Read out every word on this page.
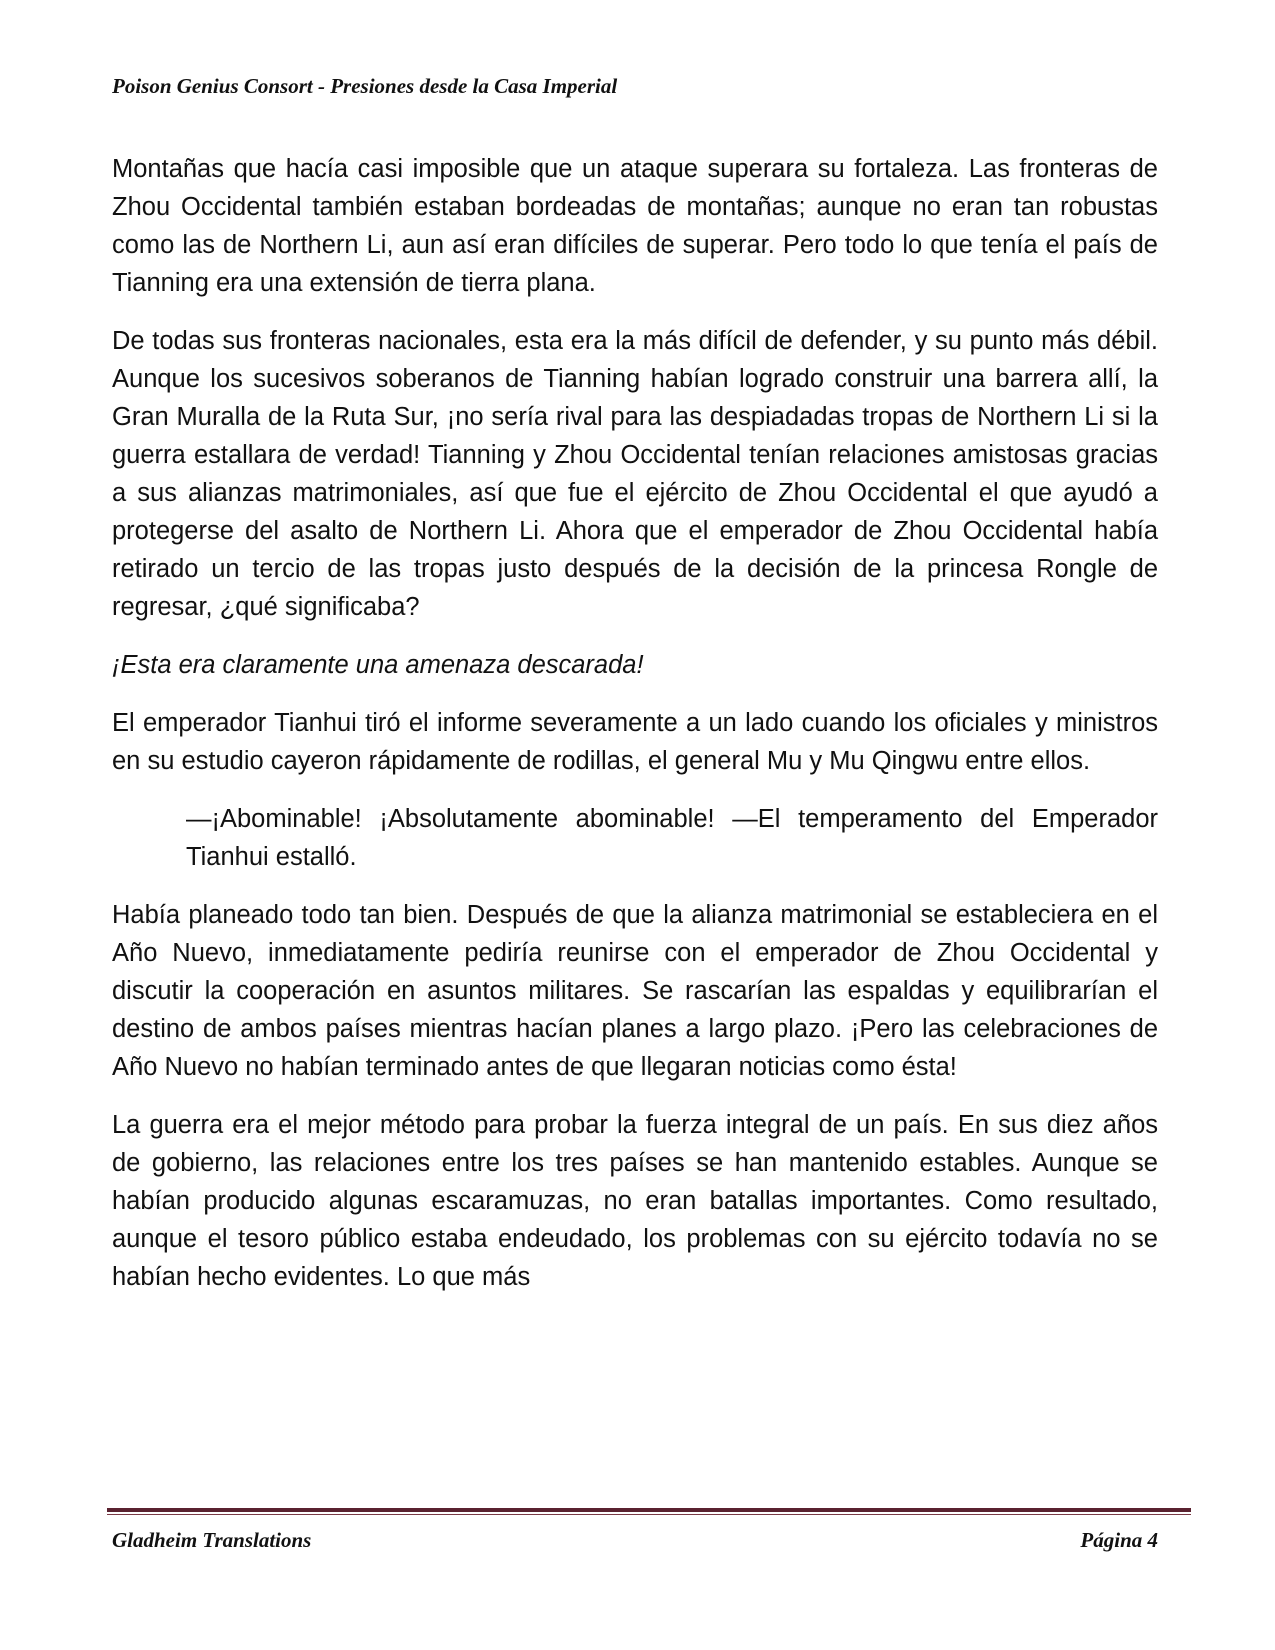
Poison Genius Consort - Presiones desde la Casa Imperial

Montañas que hacía casi imposible que un ataque superara su fortaleza. Las fronteras de Zhou Occidental también estaban bordeadas de montañas; aunque no eran tan robustas como las de Northern Li, aun así eran difíciles de superar. Pero todo lo que tenía el país de Tianning era una extensión de tierra plana.

De todas sus fronteras nacionales, esta era la más difícil de defender, y su punto más débil. Aunque los sucesivos soberanos de Tianning habían logrado construir una barrera allí, la Gran Muralla de la Ruta Sur, ¡no sería rival para las despiadadas tropas de Northern Li si la guerra estallara de verdad! Tianning y Zhou Occidental tenían relaciones amistosas gracias a sus alianzas matrimoniales, así que fue el ejército de Zhou Occidental el que ayudó a protegerse del asalto de Northern Li. Ahora que el emperador de Zhou Occidental había retirado un tercio de las tropas justo después de la decisión de la princesa Rongle de regresar, ¿qué significaba?

¡Esta era claramente una amenaza descarada!

El emperador Tianhui tiró el informe severamente a un lado cuando los oficiales y ministros en su estudio cayeron rápidamente de rodillas, el general Mu y Mu Qingwu entre ellos.

—¡Abominable! ¡Absolutamente abominable! —El temperamento del Emperador Tianhui estalló.

Había planeado todo tan bien. Después de que la alianza matrimonial se estableciera en el Año Nuevo, inmediatamente pediría reunirse con el emperador de Zhou Occidental y discutir la cooperación en asuntos militares. Se rascarían las espaldas y equilibrarían el destino de ambos países mientras hacían planes a largo plazo. ¡Pero las celebraciones de Año Nuevo no habían terminado antes de que llegaran noticias como ésta!

La guerra era el mejor método para probar la fuerza integral de un país. En sus diez años de gobierno, las relaciones entre los tres países se han mantenido estables. Aunque se habían producido algunas escaramuzas, no eran batallas importantes. Como resultado, aunque el tesoro público estaba endeudado, los problemas con su ejército todavía no se habían hecho evidentes. Lo que más

Gladheim Translations	Página 4
